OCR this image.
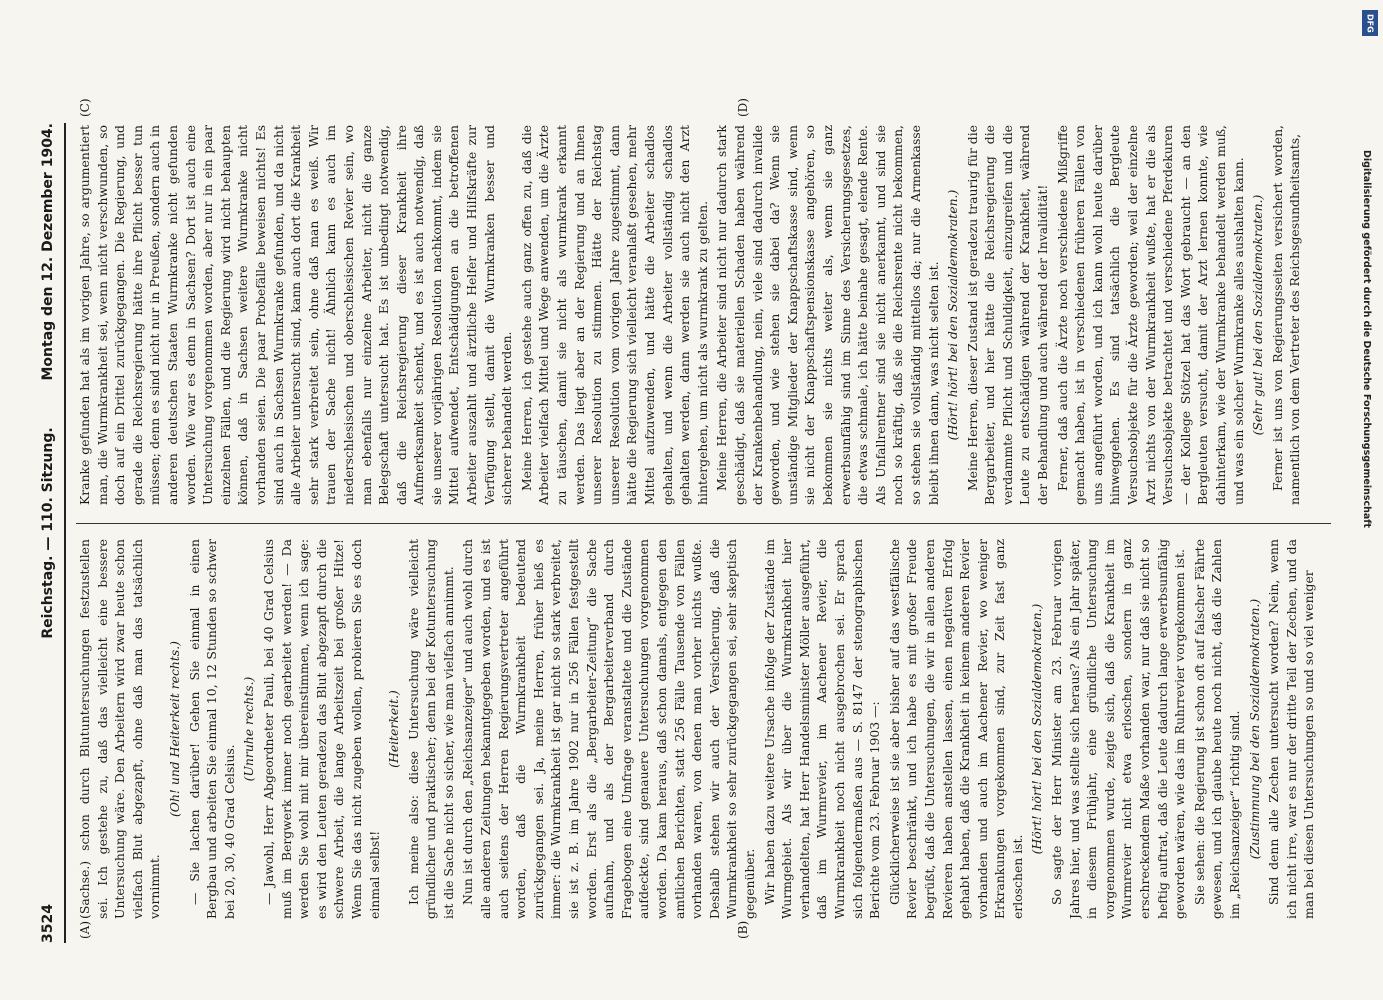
3524
Reichstag. — 110. Sitzung.
Montag den 12. Dezember 1904.
(A)	(B)
(C)	(D)

(Sachse.) schon durch Blutuntersuchungen festzustellen sei. Ich gestehe zu, daß das vielleicht eine bessere Untersuchung wäre. Den Arbeitern wird zwar heute schon vielfach Blut abgezapft, ohne daß man das tatsächlich vornimmt.

(Oh! und Heiterkeit rechts.) — Sie lachen darüber! Gehen Sie einmal in einen Bergbau und arbeiten Sie einmal 10, 12 Stunden so schwer bei 20, 30, 40 Grad Celsius.

(Unruhe rechts.) — Jawohl, Herr Abgeordneter Pauli, bei 40 Grad Celsius muß im Bergwerk immer noch gearbeitet werden! — Da werden Sie wohl mit mir übereinstimmen, wenn ich sage: es wird den Leuten geradezu das Blut abgezapft durch die schwere Arbeit, die lange Arbeitszeit bei großer Hitze! Wenn Sie das nicht zugeben wollen, probieren Sie es doch einmal selbst!

(Heiterkeit.) Ich meine also: diese Untersuchung wäre vielleicht gründlicher und praktischer; denn bei der Kotuntersuchung ist die Sache nicht so sicher, wie man vielfach annimmt. Nun ist durch den „Reichsanzeiger“ und auch wohl durch alle anderen Zeitungen bekanntgegeben worden, und es ist auch seitens der Herren Regierungsvertreter angeführt worden, daß die Wurmkrankheit bedeutend zurückgegangen sei. Ja, meine Herren, früher hieß es immer: die Wurmkrankheit ist gar nicht so stark verbreitet, sie ist z. B. im Jahre 1902 nur in 256 Fällen festgestellt worden. Erst als die „Bergarbeiter-Zeitung“ die Sache aufnahm, und als der Bergarbeiterverband durch Fragebogen eine Umfrage veranstaltete und die Zustände aufdeckte, sind genauere Untersuchungen vorgenommen worden. Da kam heraus, daß schon damals, entgegen den amtlichen Berichten, statt 256 Fälle Tausende von Fällen vorhanden waren, von denen man vorher nichts wußte. Deshalb stehen wir auch der Versicherung, daß die Wurmkrankheit so sehr zurückgegangen sei, sehr skeptisch gegenüber. Wir haben dazu weitere Ursache infolge der Zustände im Wurmgebiet. Als wir über die Wurmkrankheit hier verhandelten, hat Herr Handelsminister Möller ausgeführt, daß im Wurmrevier, im Aachener Revier, die Wurmkrankheit noch nicht ausgebrochen sei. Er sprach sich folgendermaßen aus — S. 8147 der stenographischen Berichte vom 23. Februar 1903 —: Glücklicherweise ist sie aber bisher auf das westfälische Revier beschränkt, und ich habe es mit großer Freude begrüßt, daß die Untersuchungen, die wir in allen anderen Revieren haben anstellen lassen, einen negativen Erfolg gehabt haben, daß die Krankheit in keinem anderen Revier vorhanden und auch im Aachener Revier, wo weniger Erkrankungen vorgekommen sind, zur Zeit fast ganz erloschen ist.

(Hört! hört! bei den Sozialdemokraten.) So sagte der Herr Minister am 23. Februar vorigen Jahres hier, und was stellte sich heraus? Als ein Jahr später, in diesem Frühjahr, eine gründliche Untersuchung vorgenommen wurde, zeigte sich, daß die Krankheit im Wurmrevier nicht etwa erloschen, sondern in ganz erschreckendem Maße vorhanden war, nur daß sie nicht so heftig auftrat, daß die Leute dadurch lange erwerbsunfähig geworden wären, wie das im Ruhrrevier vorgekommen ist. Sie sehen: die Regierung ist schon oft auf falscher Fährte gewesen, und ich glaube heute noch nicht, daß die Zahlen im „Reichsanzeiger“ richtig sind. (Zustimmung bei den Sozialdemokraten.) Sind denn alle Zechen untersucht worden? Nein, wenn ich nicht irre, war es nur der dritte Teil der Zechen, und da man bei diesen Untersuchungen so und so viel weniger

Kranke gefunden hat als im vorigen Jahre, so argumentiert man, die Wurmkrankheit sei, wenn nicht verschwunden, so doch auf ein Drittel zurückgegangen. Die Regierung, und gerade die Reichsregierung hätte ihre Pflicht besser tun müssen; denn es sind nicht nur in Preußen, sondern auch in anderen deutschen Staaten Wurmkranke nicht gefunden worden. Wie war es denn in Sachsen? Dort ist auch eine Untersuchung vorgenommen worden, aber nur in ein paar einzelnen Fällen, und die Regierung wird nicht behaupten können, daß in Sachsen weitere Wurmkranke nicht vorhanden seien. Die paar Probefälle beweisen nichts! Es sind auch in Sachsen Wurmkranke gefunden, und da nicht alle Arbeiter untersucht sind, kann auch dort die Krankheit sehr stark verbreitet sein, ohne daß man es weiß. Wir trauen der Sache nicht! Ähnlich kann es auch im niederschlesischen und oberschlesischen Revier sein, wo man ebenfalls nur einzelne Arbeiter, nicht die ganze Belegschaft untersucht hat. Es ist unbedingt notwendig, daß die Reichsregierung dieser Krankheit ihre Aufmerksamkeit schenkt, und es ist auch notwendig, daß sie unserer vorjährigen Resolution nachkommt, indem sie Mittel aufwendet, Entschädigungen an die betroffenen Arbeiter auszahlt und ärztliche Helfer und Hilfskräfte zur Verfügung stellt, damit die Wurmkranken besser und sicherer behandelt werden. Meine Herren, ich gestehe auch ganz offen zu, daß die Arbeiter vielfach Mittel und Wege anwenden, um die Ärzte zu täuschen, damit sie nicht als wurmkrank erkannt werden. Das liegt aber an der Regierung und an Ihnen unserer Resolution zu stimmen. Hätte der Reichstag unserer Resolution vom vorigen Jahre zugestimmt, dann hätte die Regierung sich vielleicht veranlaßt gesehen, mehr Mittel aufzuwenden, und hätte die Arbeiter schadlos gehalten, und wenn die Arbeiter vollständig schadlos gehalten werden, dann werden sie auch nicht den Arzt hintergehen, um nicht als wurmkrank zu gelten. Meine Herren, die Arbeiter sind nicht nur dadurch stark geschädigt, daß sie materiellen Schaden haben während der Krankenbehandlung, nein, viele sind dadurch invalide geworden, und wie stehen sie dabei da? Wenn sie unständige Mitglieder der Knappschaftskasse sind, wenn sie nicht der Knappschaftspensionskasse angehören, so bekommen sie nichts weiter als, wenn sie ganz erwerbsunfähig sind im Sinne des Versicherungsgesetzes, die etwas schmale, ich hätte beinahe gesagt, elende Rente. Als Unfallrentner sind sie nicht anerkannt, und sind sie noch so kräftig, daß sie die Reichsrente nicht bekommen, so stehen sie vollständig mittellos da; nur die Armenkasse bleibt ihnen dann, was nicht selten ist. (Hört! hört! bei den Sozialdemokraten.) Meine Herren, dieser Zustand ist geradezu traurig für die Bergarbeiter, und hier hätte die Reichsregierung die verdammte Pflicht und Schuldigkeit, einzugreifen und die Leute zu entschädigen während der Krankheit, während der Behandlung und auch während der Invalidität! Ferner, daß auch die Ärzte noch verschiedene Mißgriffe gemacht haben, ist in verschiedenen früheren Fällen von uns angeführt worden, und ich kann wohl heute darüber hinweggehen. Es sind tatsächlich die Bergleute Versuchsobjekte für die Ärzte geworden; weil der einzelne Arzt nichts von der Wurmkrankheit wußte, hat er die als Versuchsobjekte betrachtet und verschiedene Pferdekuren — der Kollege Stötzel hat das Wort gebraucht — an den Bergleuten versucht, damit der Arzt lernen konnte, wie dahinterkam, wie der Wurmkranke behandelt werden muß, und was ein solcher Wurmkranke alles aushalten kann. (Sehr gut! bei den Sozialdemokraten.) Ferner ist uns von Regierungsseiten versichert worden, namentlich von dem Vertreter des Reichsgesundheitsamts,

DFG
Digitalisierung gefördert durch die Deutsche Forschungsgemeinschaft
